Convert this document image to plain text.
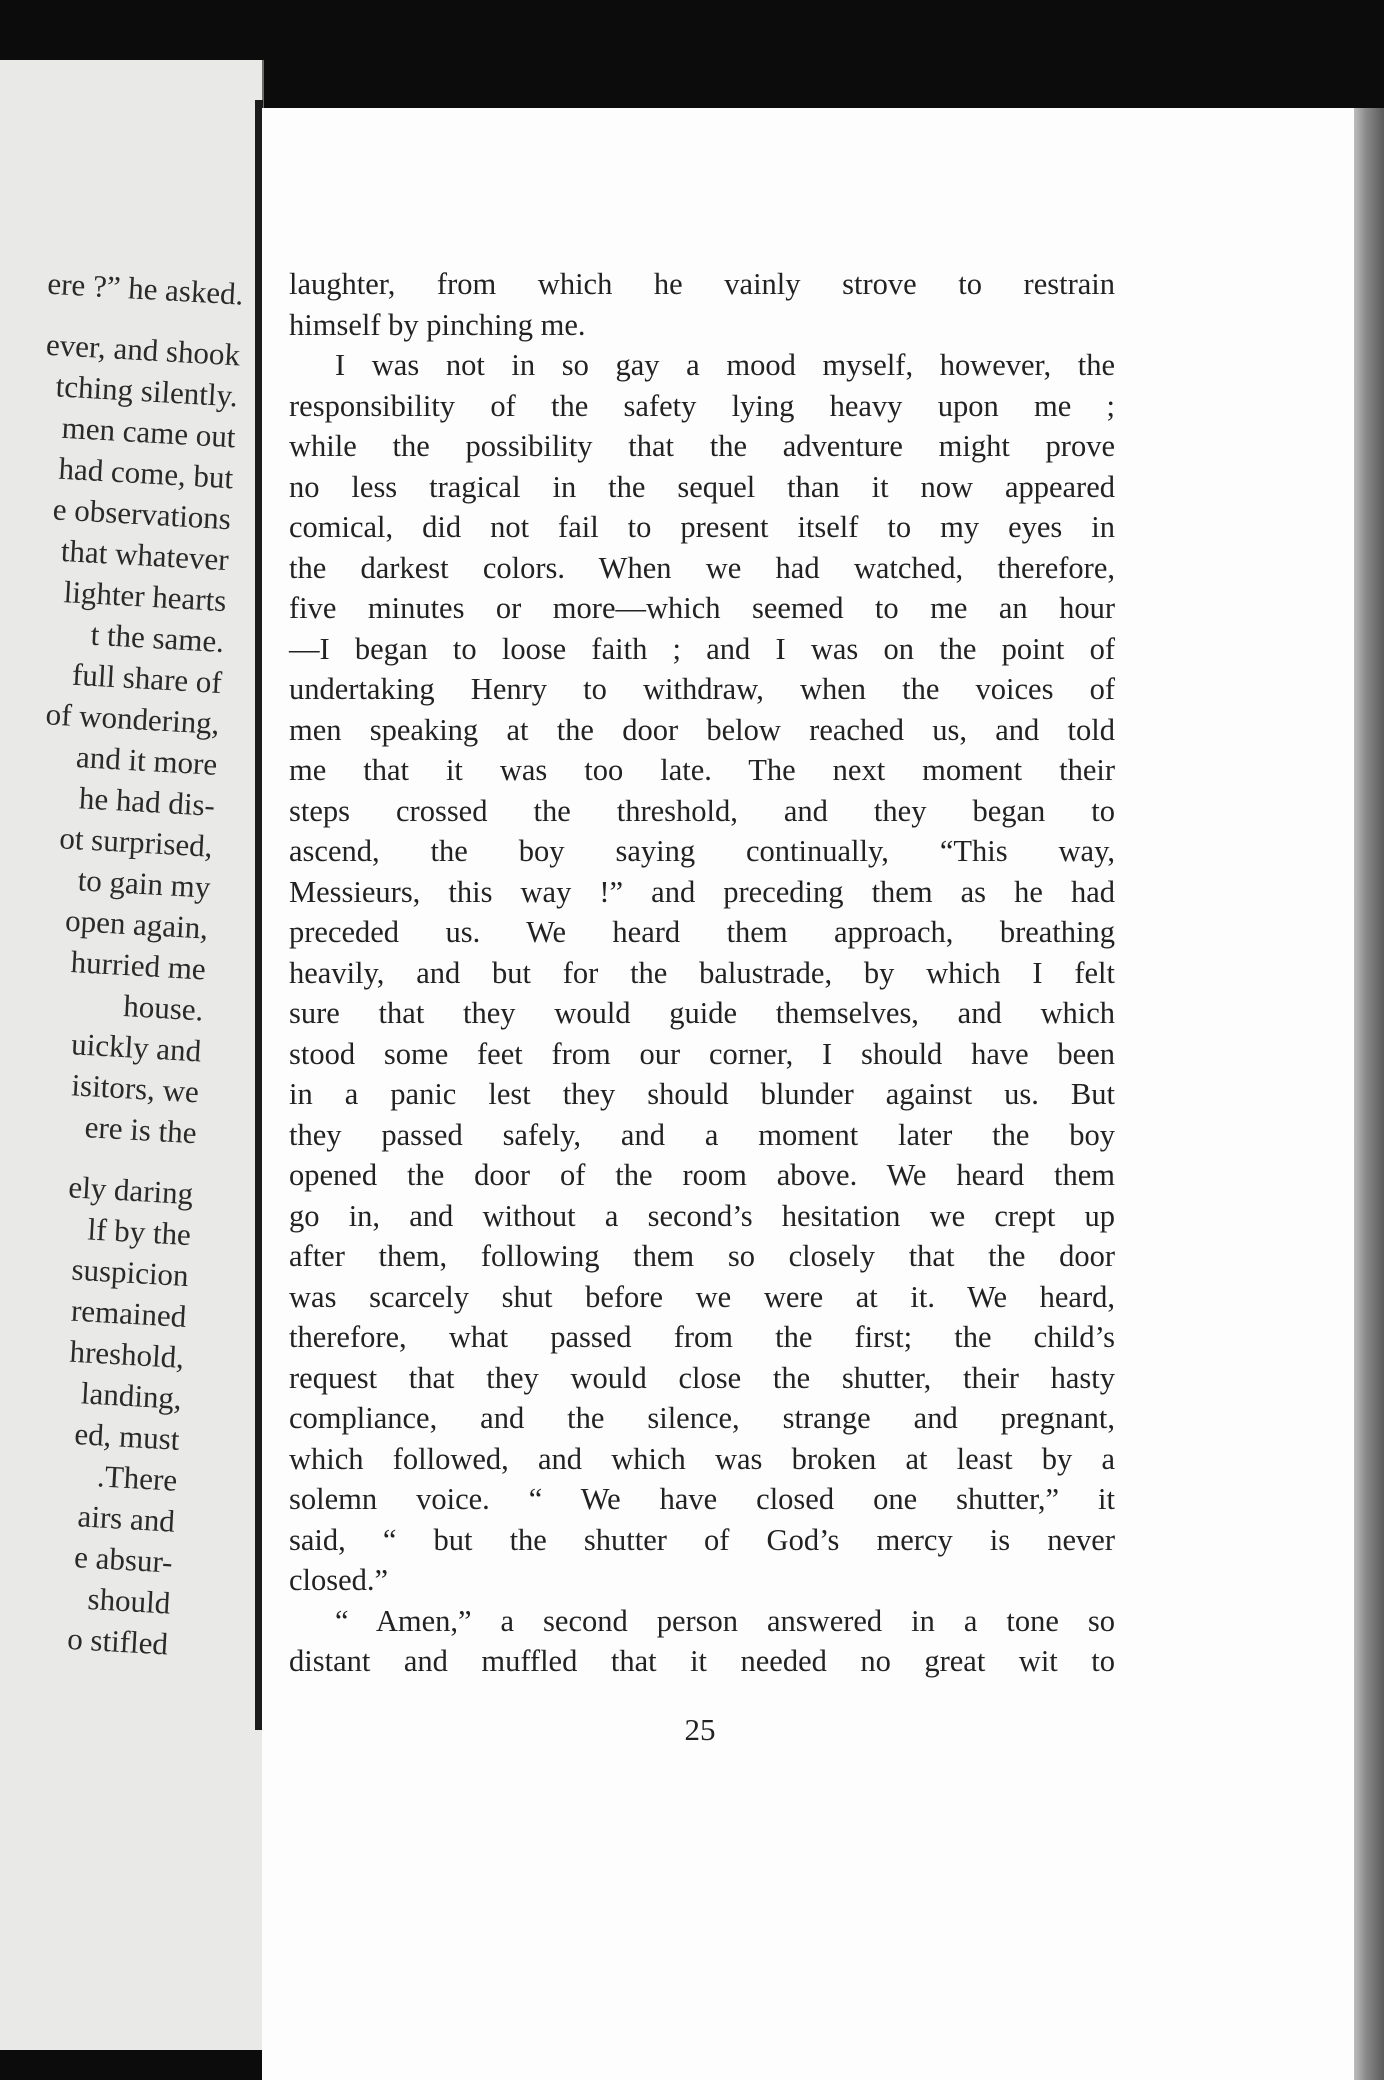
ere ?” he asked.
ever, and shook
tching silently.
men came out
had come, but
e observations
that whatever
lighter hearts
t the same.
full share of
of wondering,
and it more
he had dis-
ot surprised,
to gain my
open again,
hurried me
house.
uickly and
isitors, we
ere is the
ely daring
lf by the
suspicion
remained
hreshold,
landing,
ed, must
.There
airs and
e absur-
should
o stifled
laughter, from which he vainly strove to restrain
himself by pinching me.
I was not in so gay a mood myself, however, the
responsibility of the safety lying heavy upon me ;
while the possibility that the adventure might prove
no less tragical in the sequel than it now appeared
comical, did not fail to present itself to my eyes in
the darkest colors. When we had watched, therefore,
five minutes or more—which seemed to me an hour
—I began to loose faith ; and I was on the point of
undertaking Henry to withdraw, when the voices of
men speaking at the door below reached us, and told
me that it was too late. The next moment their
steps crossed the threshold, and they began to
ascend, the boy saying continually, “This way,
Messieurs, this way !” and preceding them as he had
preceded us. We heard them approach, breathing
heavily, and but for the balustrade, by which I felt
sure that they would guide themselves, and which
stood some feet from our corner, I should have been
in a panic lest they should blunder against us. But
they passed safely, and a moment later the boy
opened the door of the room above. We heard them
go in, and without a second’s hesitation we crept up
after them, following them so closely that the door
was scarcely shut before we were at it. We heard,
therefore, what passed from the first; the child’s
request that they would close the shutter, their hasty
compliance, and the silence, strange and pregnant,
which followed, and which was broken at least by a
solemn voice. “ We have closed one shutter,” it
said, “ but the shutter of God’s mercy is never
closed.”
“ Amen,” a second person answered in a tone so
distant and muffled that it needed no great wit to
25
